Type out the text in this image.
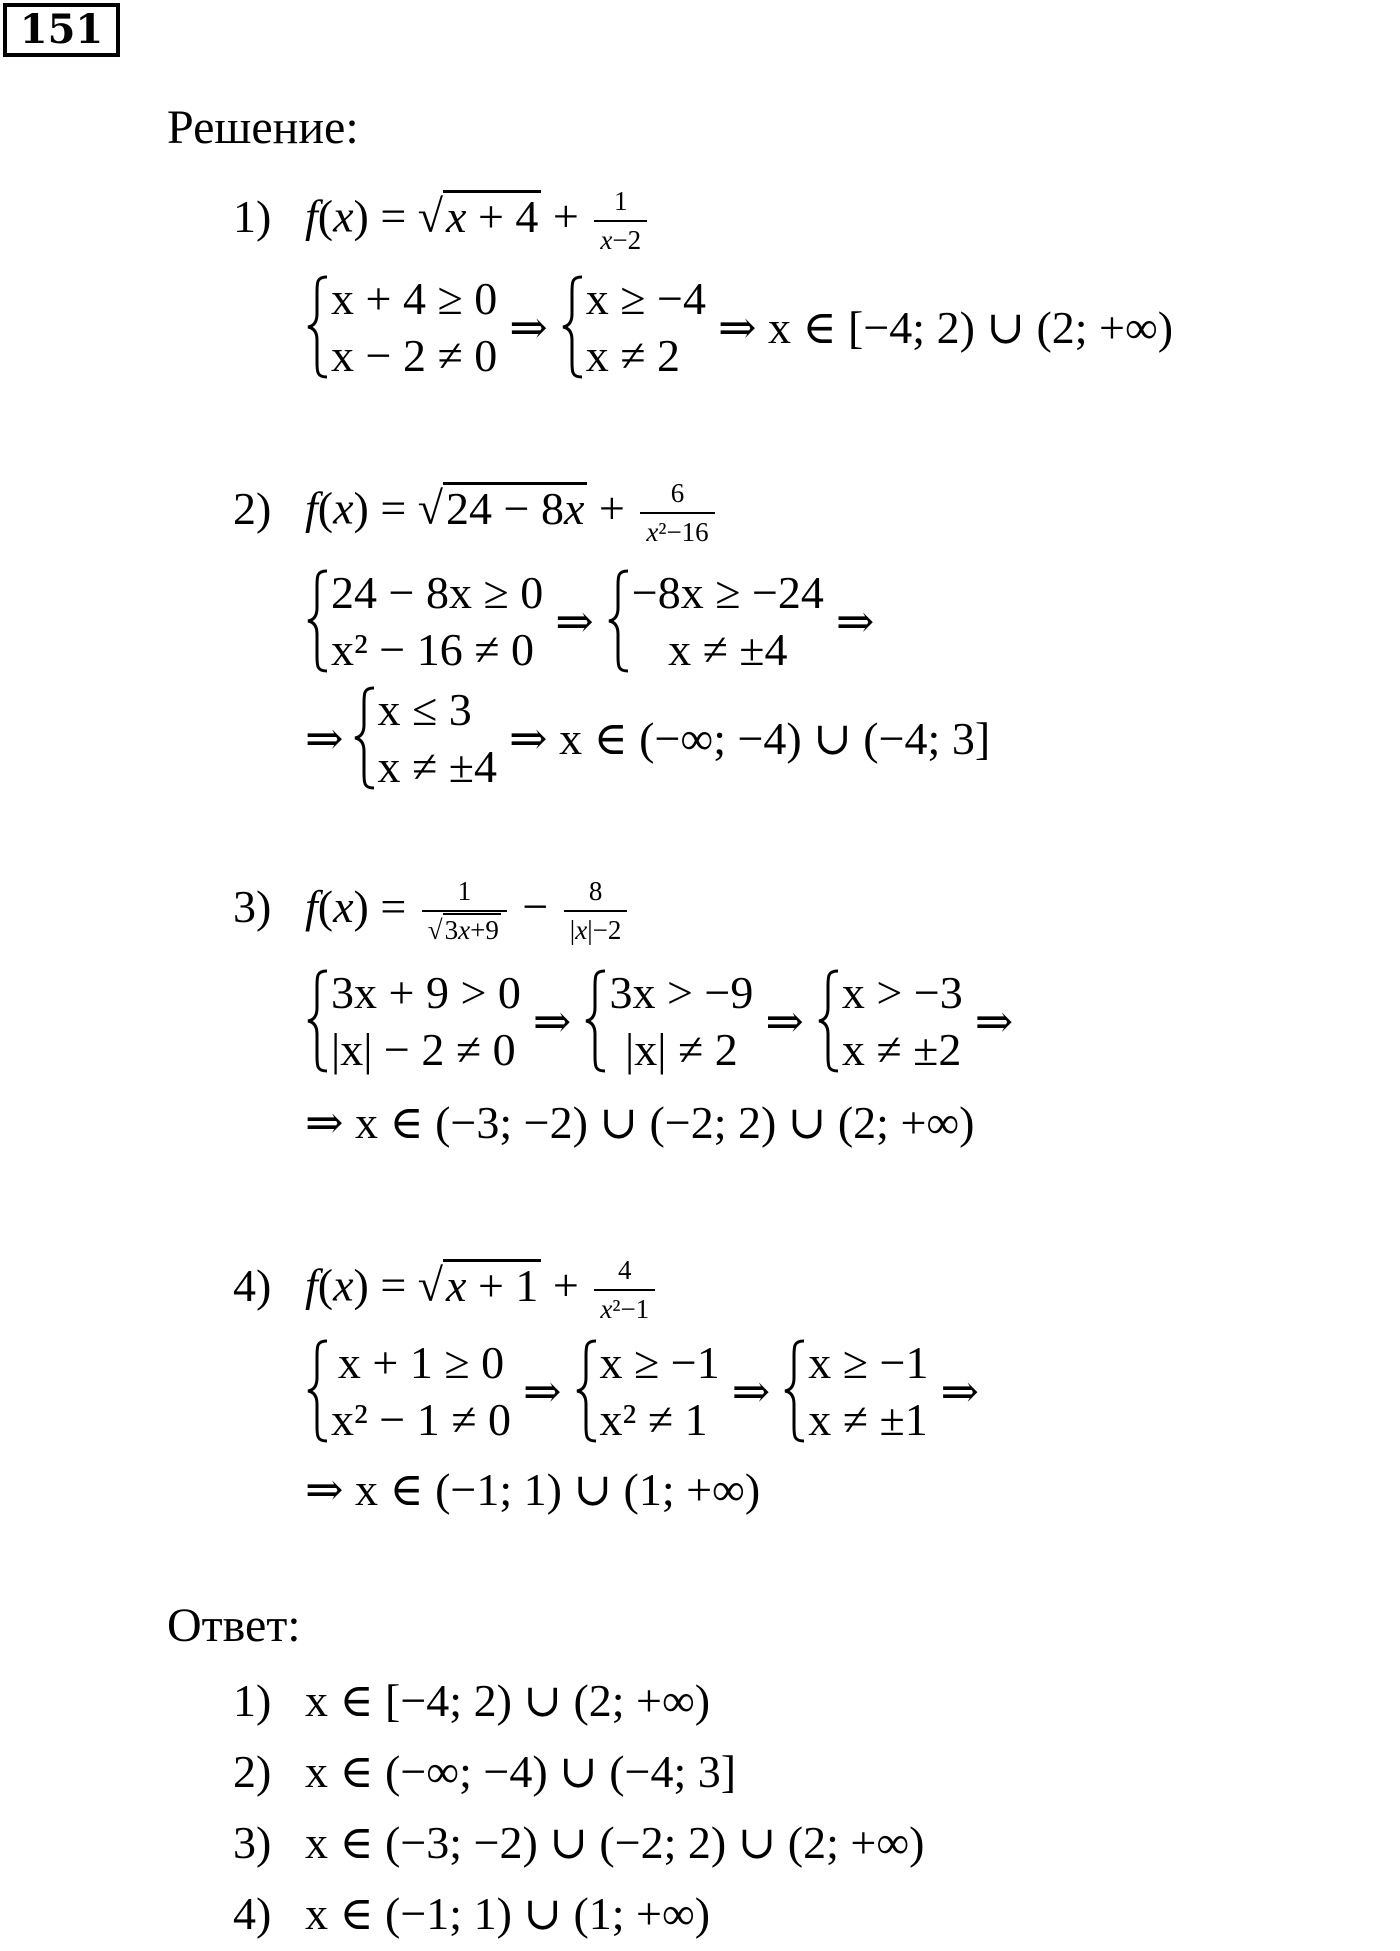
151
Решение:
1) $f(x) = √x + 4 + \frac{1}{x-2}$
x + 4 ≥ 0
x − 2 ≠ 0
⇒
x ≥ −4
x ≠ 2
⇒ x ∈ [−4; 2) ∪ (2; +∞)
2) $f(x) = √24 - 8x + \frac{6}{\text{x²−16}}$
24 − 8x ≥ 0
x² − 16 ≠ 0
⇒
−8x ≥ −24
x ≠ ±4
⇒
⇒
x ≤ 3
x ≠ ±4
⇒ x ∈ (−∞; −4) ∪ (−4; 3]
3) $f(x) = \frac{1}{√3x+9} - \frac{8}{|x|-2}$
3x + 9 > 0
|x| − 2 ≠ 0
⇒
3x > −9
|x| ≠ 2
⇒
x > −3
x ≠ ±2
⇒
⇒ x ∈ (−3; −2) ∪ (−2; 2) ∪ (2; +∞)
4) $f(x) = √x + 1 + \frac{4}{\text{x²−1}}$
x + 1 ≥ 0
x² − 1 ≠ 0
⇒
x ≥ −1
x² ≠ 1
⇒
x ≥ −1
x ≠ ±1
⇒
⇒ x ∈ (−1; 1) ∪ (1; +∞)
Ответ:
1) x ∈ [−4; 2) ∪ (2; +∞)
2) x ∈ (−∞; −4) ∪ (−4; 3]
3) x ∈ (−3; −2) ∪ (−2; 2) ∪ (2; +∞)
4) x ∈ (−1; 1) ∪ (1; +∞)
